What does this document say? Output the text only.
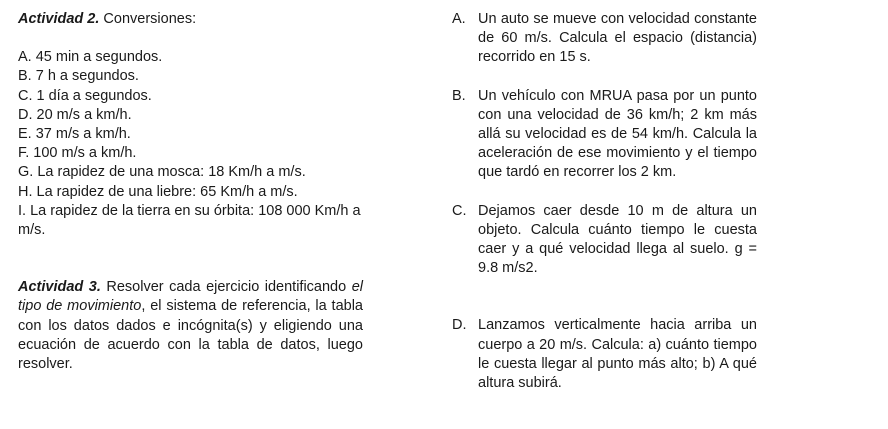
Actividad 2. Conversiones:

A. 45 min a segundos.

B. 7 h a segundos.

C. 1 día a segundos.

D. 20 m/s a km/h.

E. 37 m/s a km/h.

F. 100 m/s a km/h.

G. La rapidez de una mosca: 18 Km/h a m/s.

H. La rapidez de una liebre: 65 Km/h a m/s.

I. La rapidez de la tierra en su órbita: 108 000 Km/h a m/s.

Actividad 3. Resolver cada ejercicio identificando el tipo de movimiento, el sistema de referencia, la tabla con los datos dados e incógnita(s) y eligiendo una ecuación de acuerdo con la tabla de datos, luego resolver.

A. Un auto se mueve con velocidad constante de 60 m/s. Calcula el espacio (distancia) recorrido en 15 s.
B. Un vehículo con MRUA pasa por un punto con una velocidad de 36 km/h; 2 km más allá su velocidad es de 54 km/h. Calcula la aceleración de ese movimiento y el tiempo que tardó en recorrer los 2 km.
C. Dejamos caer desde 10 m de altura un objeto. Calcula cuánto tiempo le cuesta caer y a qué velocidad llega al suelo. g = 9.8 m/s2.
D. Lanzamos verticalmente hacia arriba un cuerpo a 20 m/s. Calcula: a) cuánto tiempo le cuesta llegar al punto más alto; b) A qué altura subirá.
